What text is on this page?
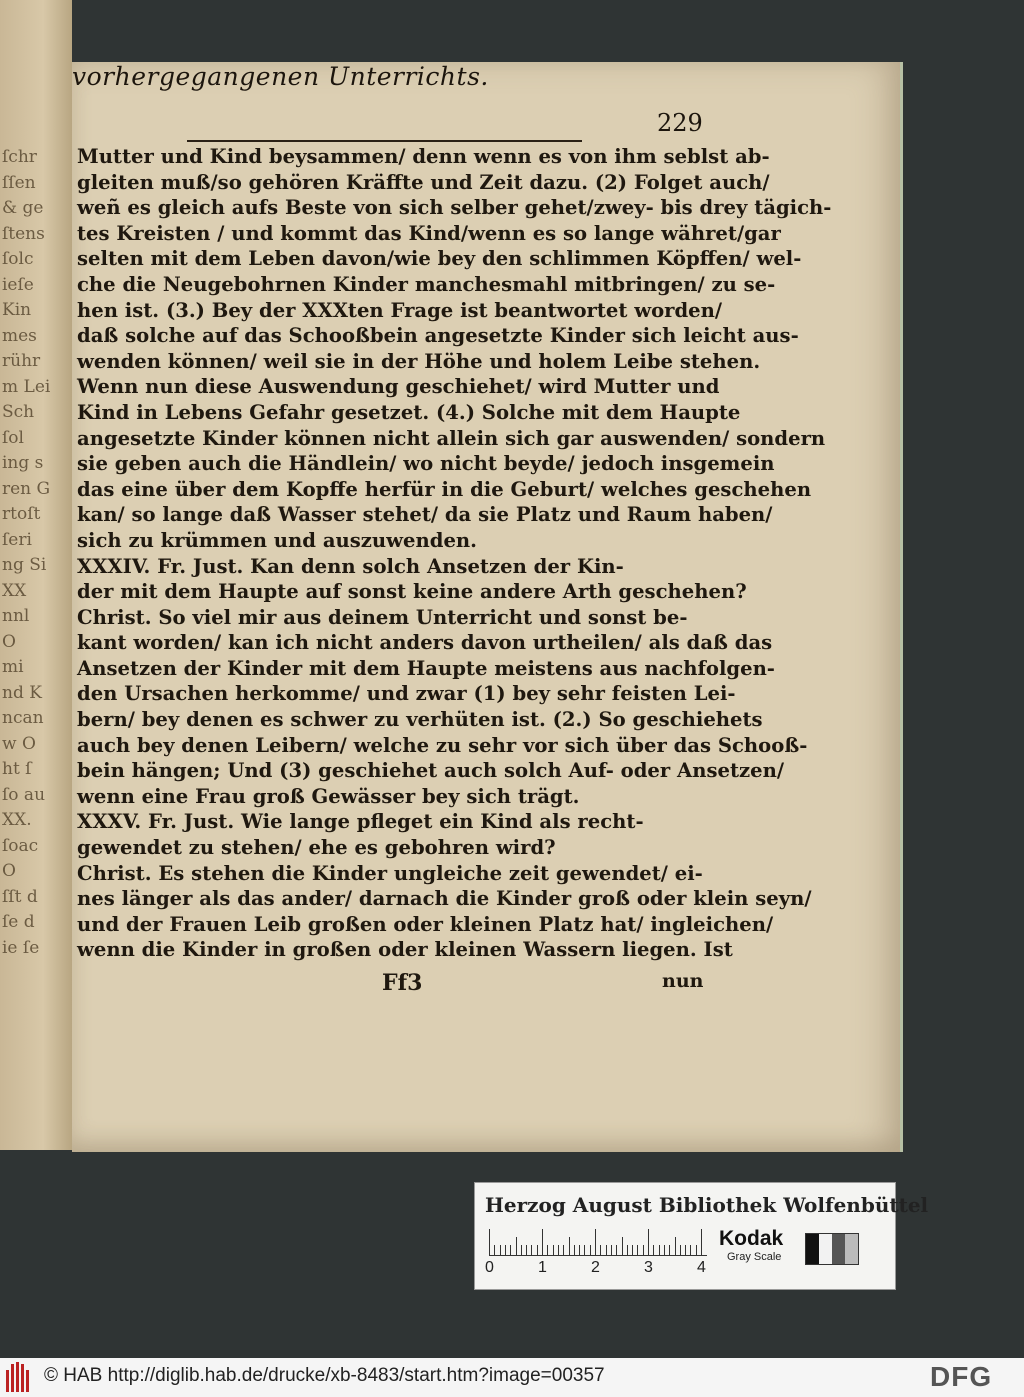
ſchr
ſſen
& ge
ſtens
ſolc
ieſe
Kin
mes
rühr
m Lei
Sch
ſol
ing s
ren G
rtoſt
ſeri
ng Si
XX
nnl
O
mi
nd K
ncan
w O
ht ſ
ſo au
XX.
ſoac
O
ſſt d
ſe d
ie ſe
vorhergegangenen Unterrichts.
229
Mutter und Kind beysammen/ denn wenn es von ihm seblst ab-
gleiten muß/so gehören Kräffte und Zeit dazu. (2) Folget auch/
weñ es gleich aufs Beste von sich selber gehet/zwey- bis drey tägich-
tes Kreisten / und kommt das Kind/wenn es so lange währet/gar
selten mit dem Leben davon/wie bey den schlimmen Köpffen/ wel-
che die Neugebohrnen Kinder manchesmahl mitbringen/ zu se-
hen ist. (3.) Bey der XXXten Frage ist beantwortet worden/
daß solche auf das Schooßbein angesetzte Kinder sich leicht aus-
wenden können/ weil sie in der Höhe und holem Leibe stehen.
Wenn nun diese Auswendung geschiehet/ wird Mutter und
Kind in Lebens Gefahr gesetzet. (4.) Solche mit dem Haupte
angesetzte Kinder können nicht allein sich gar auswenden/ sondern
sie geben auch die Händlein/ wo nicht beyde/ jedoch insgemein
das eine über dem Kopffe herfür in die Geburt/ welches geschehen
kan/ so lange daß Wasser stehet/ da sie Platz und Raum haben/
sich zu krümmen und auszuwenden.
XXXIV. Fr. Just. Kan denn solch Ansetzen der Kin-
der mit dem Haupte auf sonst keine andere Arth geschehen?
Christ. So viel mir aus deinem Unterricht und sonst be-
kant worden/ kan ich nicht anders davon urtheilen/ als daß das
Ansetzen der Kinder mit dem Haupte meistens aus nachfolgen-
den Ursachen herkomme/ und zwar (1) bey sehr feisten Lei-
bern/ bey denen es schwer zu verhüten ist. (2.) So geschiehets
auch bey denen Leibern/ welche zu sehr vor sich über das Schooß-
bein hängen; Und (3) geschiehet auch solch Auf- oder Ansetzen/
wenn eine Frau groß Gewässer bey sich trägt.
XXXV. Fr. Just. Wie lange pfleget ein Kind als recht-
gewendet zu stehen/ ehe es gebohren wird?
Christ. Es stehen die Kinder ungleiche zeit gewendet/ ei-
nes länger als das ander/ darnach die Kinder groß oder klein seyn/
und der Frauen Leib großen oder kleinen Platz hat/ ingleichen/
wenn die Kinder in großen oder kleinen Wassern liegen. Ist
Ff3	nun
Herzog August Bibliothek Wolfenbüttel
0	1	2	3	4
Kodak
Gray Scale
© HAB http://diglib.hab.de/drucke/xb-8483/start.htm?image=00357	DFG
